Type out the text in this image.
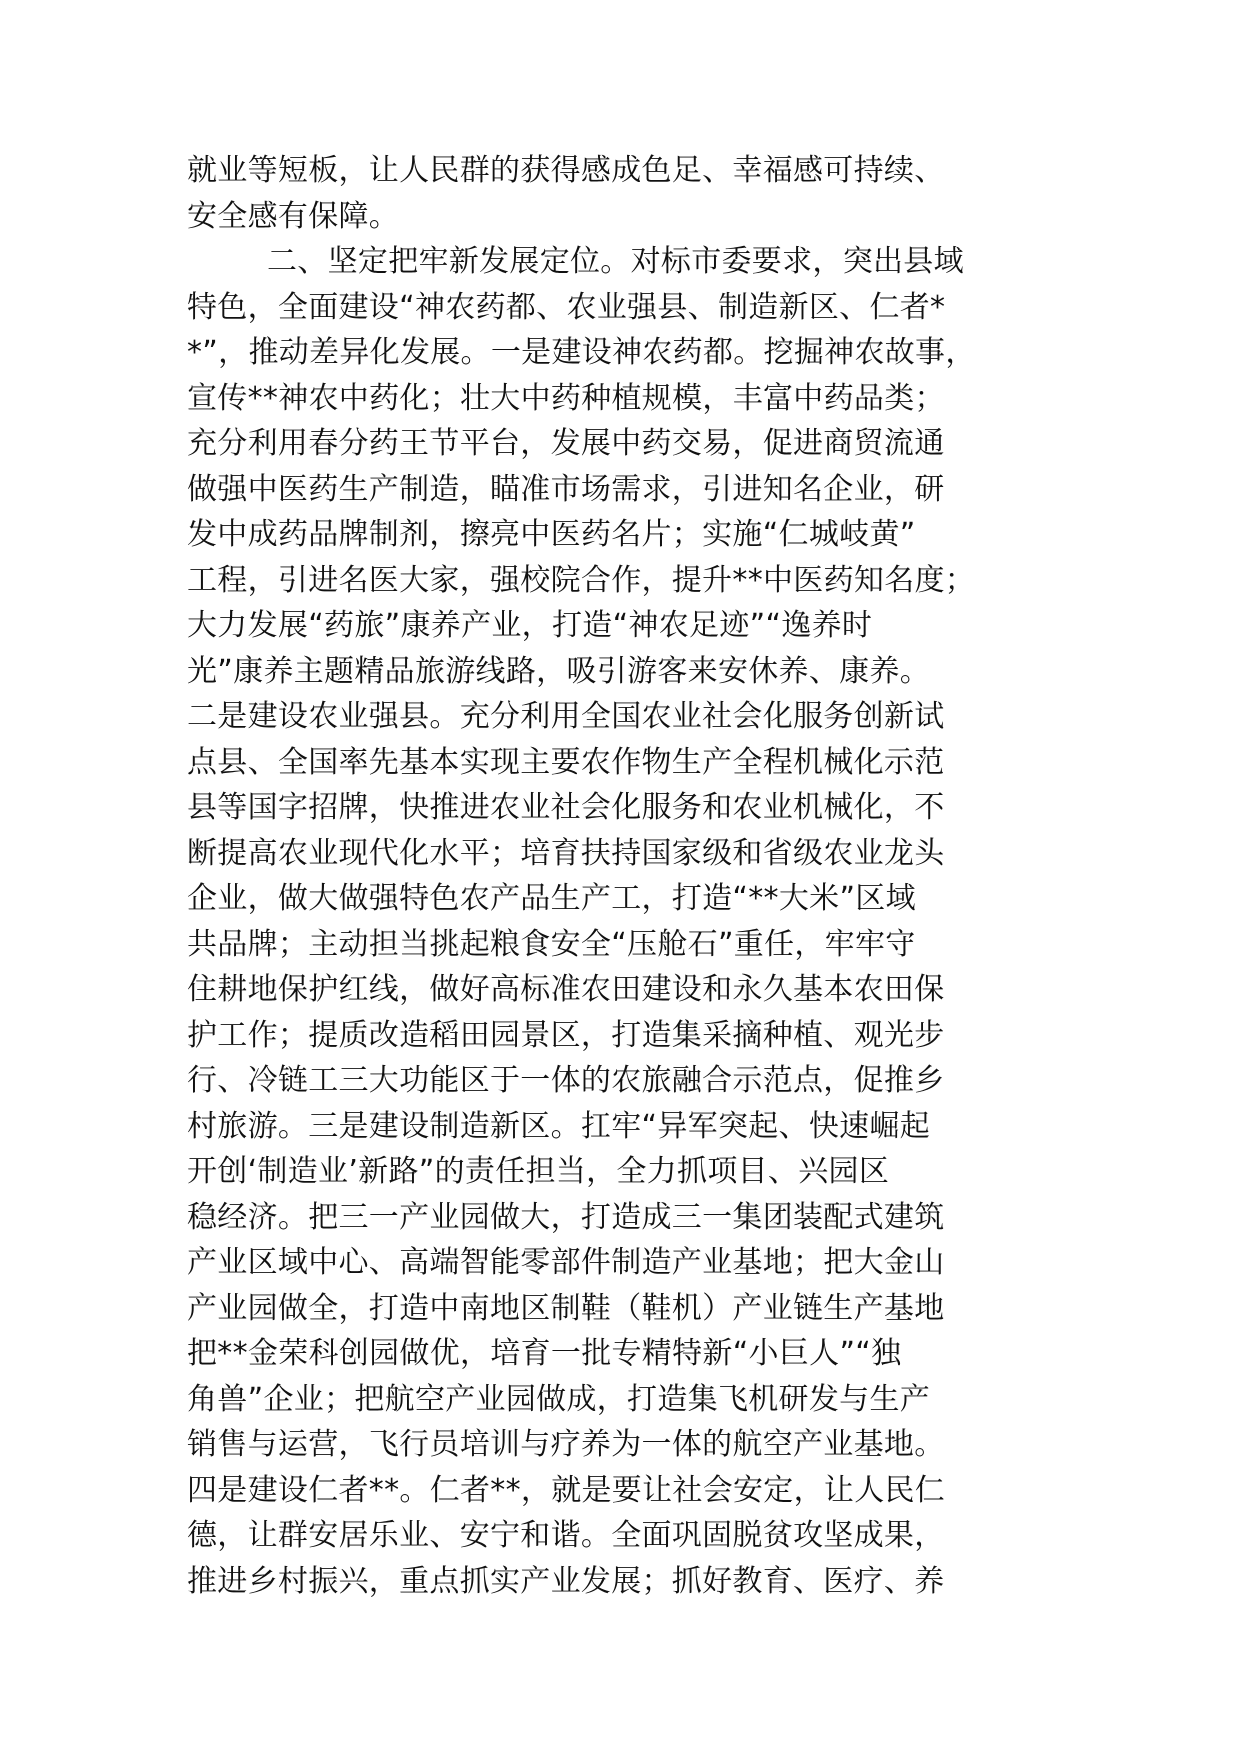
就业等短板，让人民群的获得感成色足、幸福感可持续、
安全感有保障。
二、坚定把牢新发展定位。对标市委要求，突出县域
特色，全面建设“神农药都、农业强县、制造新区、仁者*
*”，推动差异化发展。一是建设神农药都。挖掘神农故事，
宣传**神农中药化；壮大中药种植规模，丰富中药品类；
充分利用春分药王节平台，发展中药交易，促进商贸流通
做强中医药生产制造，瞄准市场需求，引进知名企业，研
发中成药品牌制剂，擦亮中医药名片；实施“仁城岐黄”
工程，引进名医大家，强校院合作，提升**中医药知名度；
大力发展“药旅”康养产业，打造“神农足迹”“逸养时
光”康养主题精品旅游线路，吸引游客来安休养、康养。
二是建设农业强县。充分利用全国农业社会化服务创新试
点县、全国率先基本实现主要农作物生产全程机械化示范
县等国字招牌，快推进农业社会化服务和农业机械化，不
断提高农业现代化水平；培育扶持国家级和省级农业龙头
企业，做大做强特色农产品生产工，打造“**大米”区域
共品牌；主动担当挑起粮食安全“压舱石”重任，牢牢守
住耕地保护红线，做好高标准农田建设和永久基本农田保
护工作；提质改造稻田园景区，打造集采摘种植、观光步
行、冷链工三大功能区于一体的农旅融合示范点，促推乡
村旅游。三是建设制造新区。扛牢“异军突起、快速崛起
开创‘制造业’新路”的责任担当，全力抓项目、兴园区
稳经济。把三一产业园做大，打造成三一集团装配式建筑
产业区域中心、高端智能零部件制造产业基地；把大金山
产业园做全，打造中南地区制鞋（鞋机）产业链生产基地
把**金荣科创园做优，培育一批专精特新“小巨人”“独
角兽”企业；把航空产业园做成，打造集飞机研发与生产
销售与运营，飞行员培训与疗养为一体的航空产业基地。
四是建设仁者**。仁者**，就是要让社会安定，让人民仁
德，让群安居乐业、安宁和谐。全面巩固脱贫攻坚成果，
推进乡村振兴，重点抓实产业发展；抓好教育、医疗、养
